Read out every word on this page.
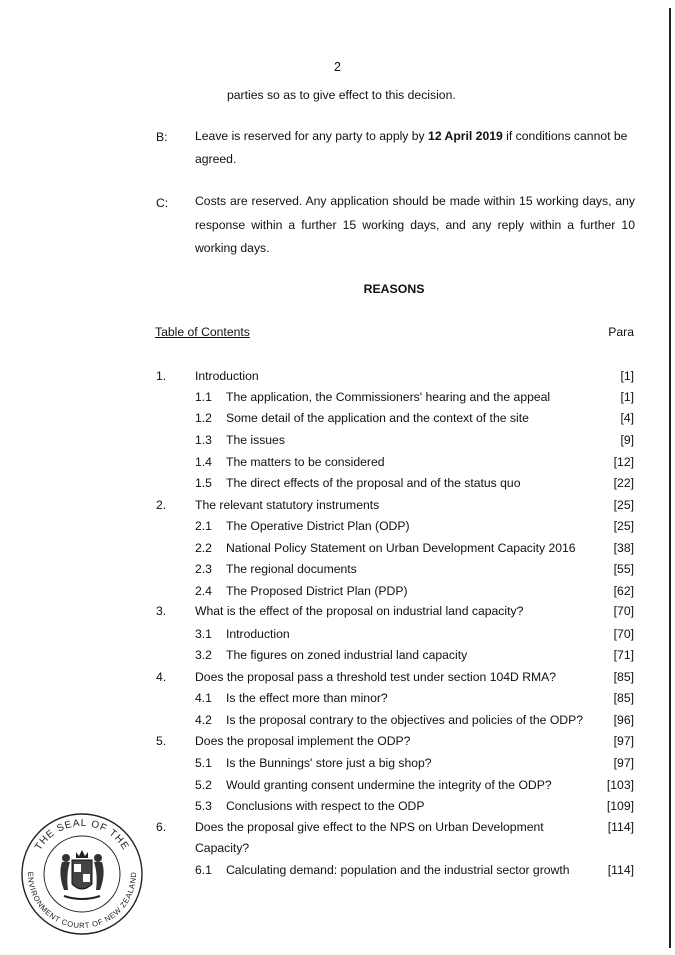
2
parties so as to give effect to this decision.
B: Leave is reserved for any party to apply by 12 April 2019 if conditions cannot be
agreed.
C: Costs are reserved. Any application should be made within 15 working days, any response within a further 15 working days, and any reply within a further 10 working days.
REASONS
Table of Contents	Para
1. Introduction	[1]
1.1 The application, the Commissioners' hearing and the appeal	[1]
1.2 Some detail of the application and the context of the site	[4]
1.3 The issues	[9]
1.4 The matters to be considered	[12]
1.5 The direct effects of the proposal and of the status quo	[22]
2. The relevant statutory instruments	[25]
2.1 The Operative District Plan (ODP)	[25]
2.2 National Policy Statement on Urban Development Capacity 2016	[38]
2.3 The regional documents	[55]
2.4 The Proposed District Plan (PDP)	[62]
3. What is the effect of the proposal on industrial land capacity?	[70]
3.1 Introduction	[70]
3.2 The figures on zoned industrial land capacity	[71]
4. Does the proposal pass a threshold test under section 104D RMA?	[85]
4.1 Is the effect more than minor?	[85]
4.2 Is the proposal contrary to the objectives and policies of the ODP?	[96]
5. Does the proposal implement the ODP?	[97]
5.1 Is the Bunnings' store just a big shop?	[97]
5.2 Would granting consent undermine the integrity of the ODP?	[103]
5.3 Conclusions with respect to the ODP	[109]
6. Does the proposal give effect to the NPS on Urban Development	[114]
Capacity?
6.1 Calculating demand: population and the industrial sector growth	[114]
THE SEAL OF THE
ENVIRONMENT COURT OF NEW ZEALAND
